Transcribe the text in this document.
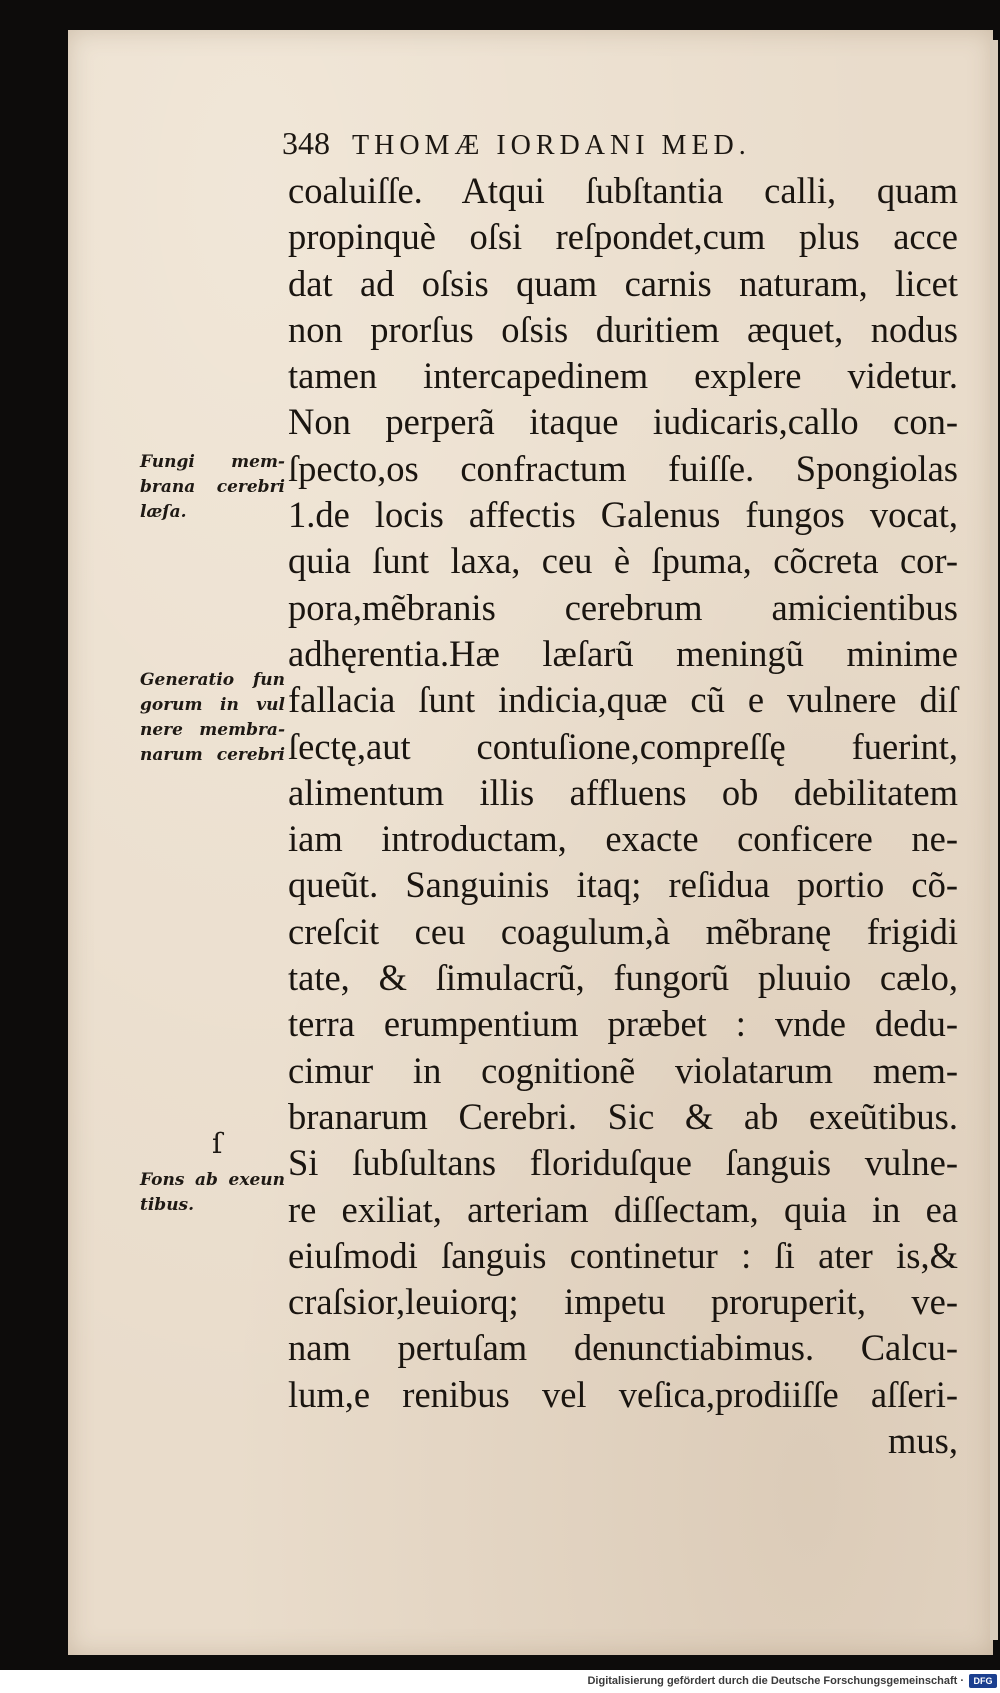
348 THOMÆ IORDANI MED.
coaluiſſe. Atqui ſubſtantia calli, quam
propinquè oſsi reſpondet,cum plus acce
dat ad oſsis quam carnis naturam, licet
non prorſus oſsis duritiem æquet, nodus
tamen intercapedinem explere videtur.
Non perperã itaque iudicaris,callo con-
ſpectο,os confractum fuiſſe. Spongiolas
1.de locis affectis Galenus fungos vocat,
quia ſunt laxa, ceu è ſpuma, cõcreta cor-
pora,mẽbranis cerebrum amicientibus
adhęrentia.Hæ læſarũ meningũ minime
fallacia ſunt indicia,quæ cũ e vulnere diſ
ſectę,aut contuſione,compreſſę fuerint,
alimentum illis affluens ob debilitatem
iam introductam, exacte conficere ne-
queũt. Sanguinis itaq; reſidua portio cõ-
creſcit ceu coagulum,à mẽbranę frigidi
tate, & ſimulacrũ, fungorũ pluuio cælo,
terra erumpentium præbet : vnde dedu-
cimur in cognitionẽ violatarum mem-
branarum Cerebri. Sic & ab exeũtibus.
Si ſubſultans floriduſque ſanguis vulne-
re exiliat, arteriam diſſectam, quia in ea
eiuſmodi ſanguis continetur : ſi ater is,&
craſsior,leuiorq; impetu proruperit, ve-
nam pertuſam denunctiabimus. Calcu-
lum,e renibus vel veſica,prodiiſſe aſſeri-
mus,
Fungi mem-
brana cerebri
læſa.
Generatio fun
gorum in vul
nere membra-
narum cerebri
ſ
Fons ab exeun
tibus.
Digitalisierung gefördert durch die Deutsche Forschungsgemeinschaft ·	DFG
